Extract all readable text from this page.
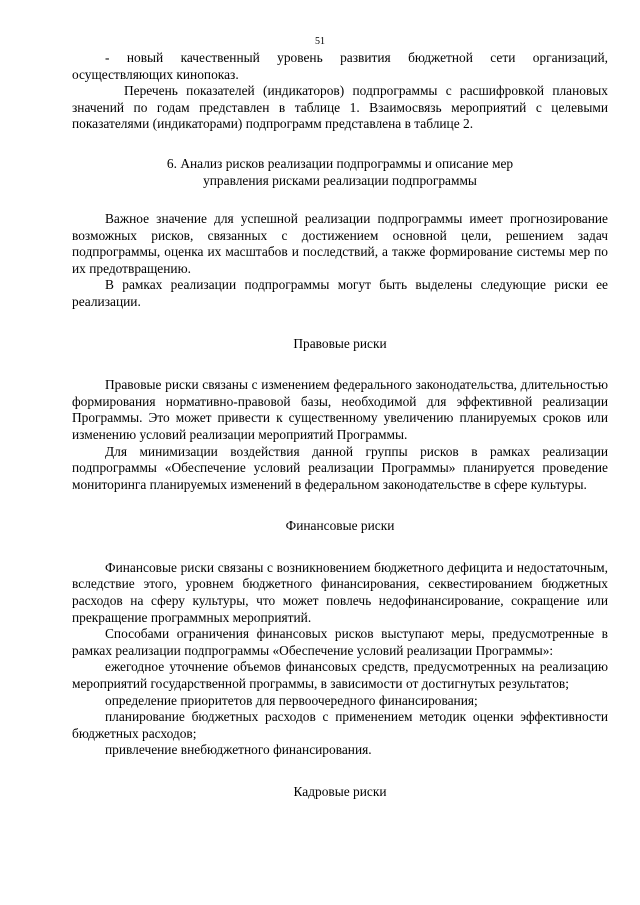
51

- новый качественный уровень развития бюджетной сети организаций, осуществляющих кинопоказ.

Перечень показателей (индикаторов) подпрограммы с расшифровкой плановых значений по годам представлен в таблице 1. Взаимосвязь мероприятий с целевыми показателями (индикаторами) подпрограмм представлена в таблице 2.

6. Анализ рисков реализации подпрограммы и описание мер
управления рисками реализации подпрограммы

Важное значение для успешной реализации подпрограммы имеет прогнозирование возможных рисков, связанных с достижением основной цели, решением задач подпрограммы, оценка их масштабов и последствий, а также формирование системы мер по их предотвращению.

В рамках реализации подпрограммы могут быть выделены следующие риски ее реализации.

Правовые риски

Правовые риски связаны с изменением федерального законодательства, длительностью формирования нормативно-правовой базы, необходимой для эффективной реализации Программы. Это может привести к существенному увеличению планируемых сроков или изменению условий реализации мероприятий Программы.

Для минимизации воздействия данной группы рисков в рамках реализации подпрограммы «Обеспечение условий реализации Программы» планируется проведение мониторинга планируемых изменений в федеральном законодательстве в сфере культуры.

Финансовые риски

Финансовые риски связаны с возникновением бюджетного дефицита и недостаточным, вследствие этого, уровнем бюджетного финансирования, секвестированием бюджетных расходов на сферу культуры, что может повлечь недофинансирование, сокращение или прекращение программных мероприятий.

Способами ограничения финансовых рисков выступают меры, предусмотренные в рамках реализации подпрограммы «Обеспечение условий реализации Программы»:

ежегодное уточнение объемов финансовых средств, предусмотренных на реализацию мероприятий государственной программы, в зависимости от достигнутых результатов;

определение приоритетов для первоочередного финансирования;

планирование бюджетных расходов с применением методик оценки эффективности бюджетных расходов;

привлечение внебюджетного финансирования.

Кадровые риски
